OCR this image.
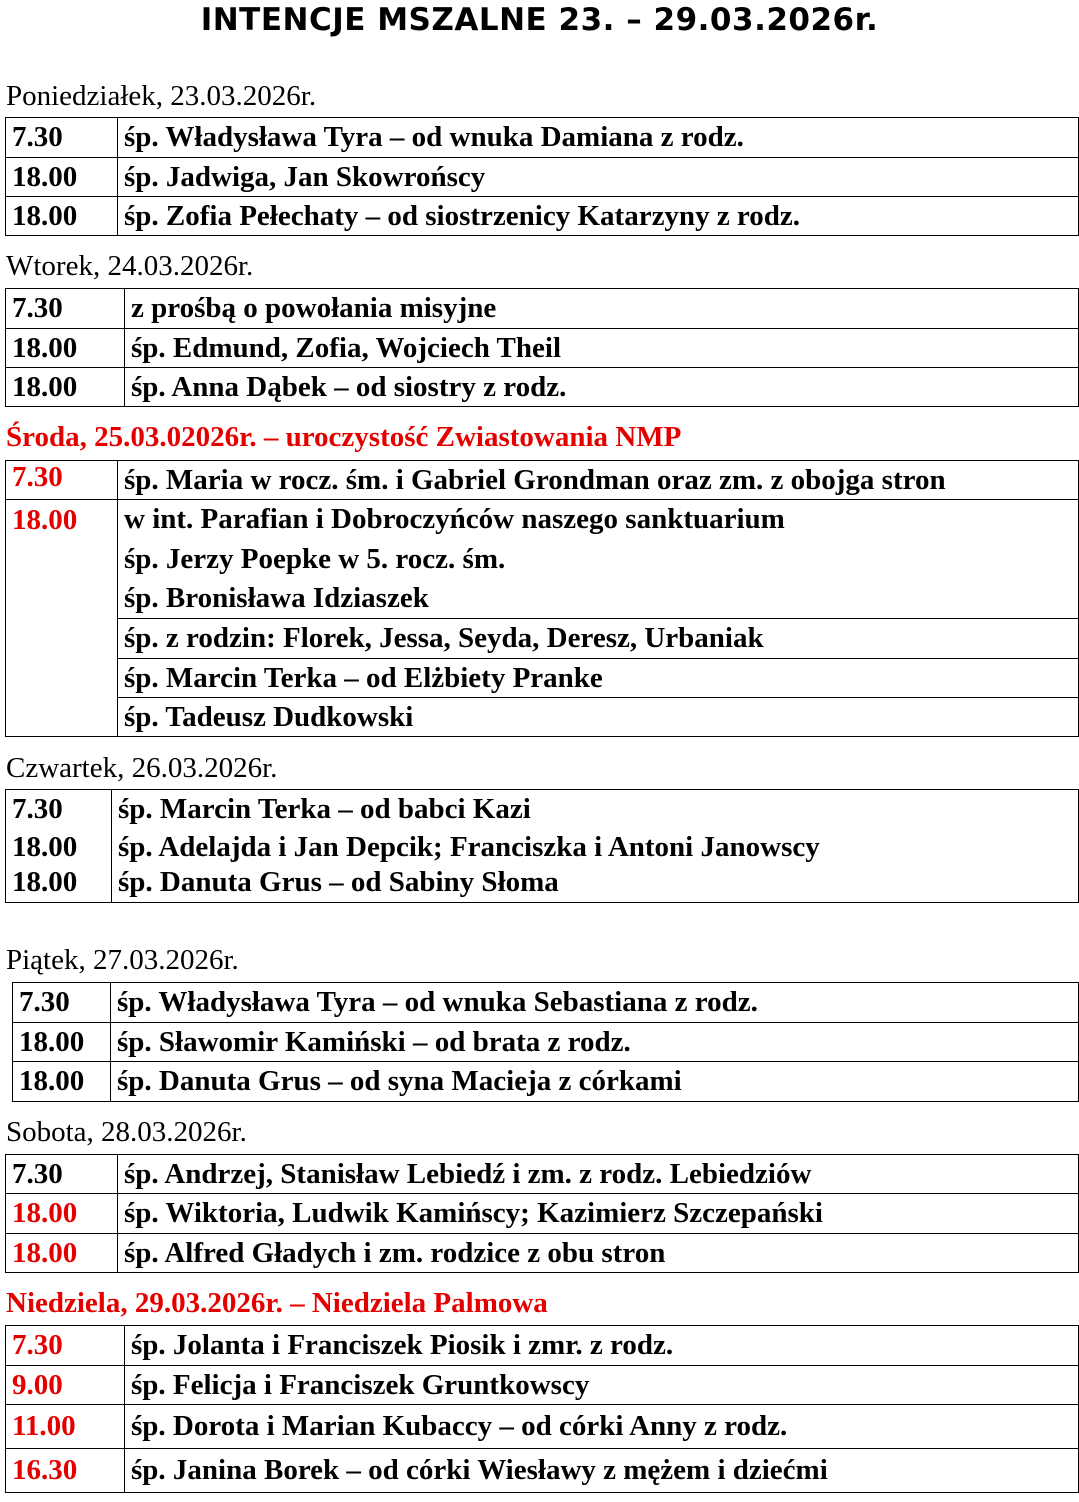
INTENCJE MSZALNE 23. – 29.03.2026r.
Poniedziałek, 23.03.2026r.
7.30	śp. Władysława Tyra – od wnuka Damiana z rodz.
18.00	śp. Jadwiga, Jan Skowrońscy
18.00	śp. Zofia Pełechaty – od siostrzenicy Katarzyny z rodz.
Wtorek, 24.03.2026r.
7.30	z prośbą o powołania misyjne
18.00	śp. Edmund, Zofia, Wojciech Theil
18.00	śp. Anna Dąbek – od siostry z rodz.
Środa, 25.03.02026r. – uroczystość Zwiastowania NMP
7.30	śp. Maria w rocz. śm. i Gabriel Grondman oraz zm. z obojga stron
18.00	w int. Parafian i Dobroczyńców naszego sanktuarium
	śp. Jerzy Poepke w 5. rocz. śm.
	śp. Bronisława Idziaszek
	śp. z rodzin: Florek, Jessa, Seyda, Deresz, Urbaniak
	śp. Marcin Terka – od Elżbiety Pranke
	śp. Tadeusz Dudkowski
Czwartek, 26.03.2026r.
7.30	śp. Marcin Terka – od babci Kazi
18.00	śp. Adelajda i Jan Depcik; Franciszka i Antoni Janowscy
18.00	śp. Danuta Grus – od Sabiny Słoma
Piątek, 27.03.2026r.
7.30	śp. Władysława Tyra – od wnuka Sebastiana z rodz.
18.00	śp. Sławomir Kamiński – od brata z rodz.
18.00	śp. Danuta Grus – od syna Macieja z córkami
Sobota, 28.03.2026r.
7.30	śp. Andrzej, Stanisław Lebiedź i zm. z rodz. Lebiedziów
18.00	śp. Wiktoria, Ludwik Kamińscy; Kazimierz Szczepański
18.00	śp. Alfred Gładych i zm. rodzice z obu stron
Niedziela, 29.03.2026r. – Niedziela Palmowa
7.30	śp. Jolanta i Franciszek Piosik i zmr. z rodz.
9.00	śp. Felicja i Franciszek Gruntkowscy
11.00	śp. Dorota i Marian Kubaccy – od córki Anny z rodz.
16.30	śp. Janina Borek – od córki Wiesławy z mężem i dziećmi
